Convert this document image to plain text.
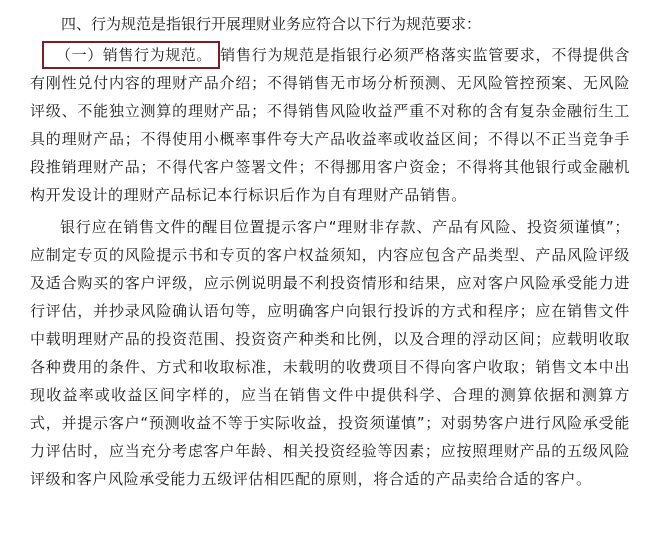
四、行为规范是指银行开展理财业务应符合以下行为规范要求：

（一）销售行为规范。 销售行为规范是指银行必须严格落实监管要求，不得提供含有刚性兑付内容的理财产品介绍；不得销售无市场分析预测、无风险管控预案、无风险评级、不能独立测算的理财产品；不得销售风险收益严重不对称的含有复杂金融衍生工具的理财产品；不得使用小概率事件夸大产品收益率或收益区间；不得以不正当竞争手段推销理财产品；不得代客户签署文件；不得挪用客户资金；不得将其他银行或金融机构开发设计的理财产品标记本行标识后作为自有理财产品销售。

银行应在销售文件的醒目位置提示客户“理财非存款、产品有风险、投资须谨慎”；应制定专页的风险提示书和专页的客户权益须知，内容应包含产品类型、产品风险评级及适合购买的客户评级，应示例说明最不利投资情形和结果，应对客户风险承受能力进行评估，并抄录风险确认语句等，应明确客户向银行投诉的方式和程序；应在销售文件中载明理财产品的投资范围、投资资产种类和比例，以及合理的浮动区间；应载明收取各种费用的条件、方式和收取标准，未载明的收费项目不得向客户收取；销售文本中出现收益率或收益区间字样的，应当在销售文件中提供科学、合理的测算依据和测算方式，并提示客户“预测收益不等于实际收益，投资须谨慎”；对弱势客户进行风险承受能力评估时，应当充分考虑客户年龄、相关投资经验等因素；应按照理财产品的五级风险评级和客户风险承受能力五级评估相匹配的原则，将合适的产品卖给合适的客户。
